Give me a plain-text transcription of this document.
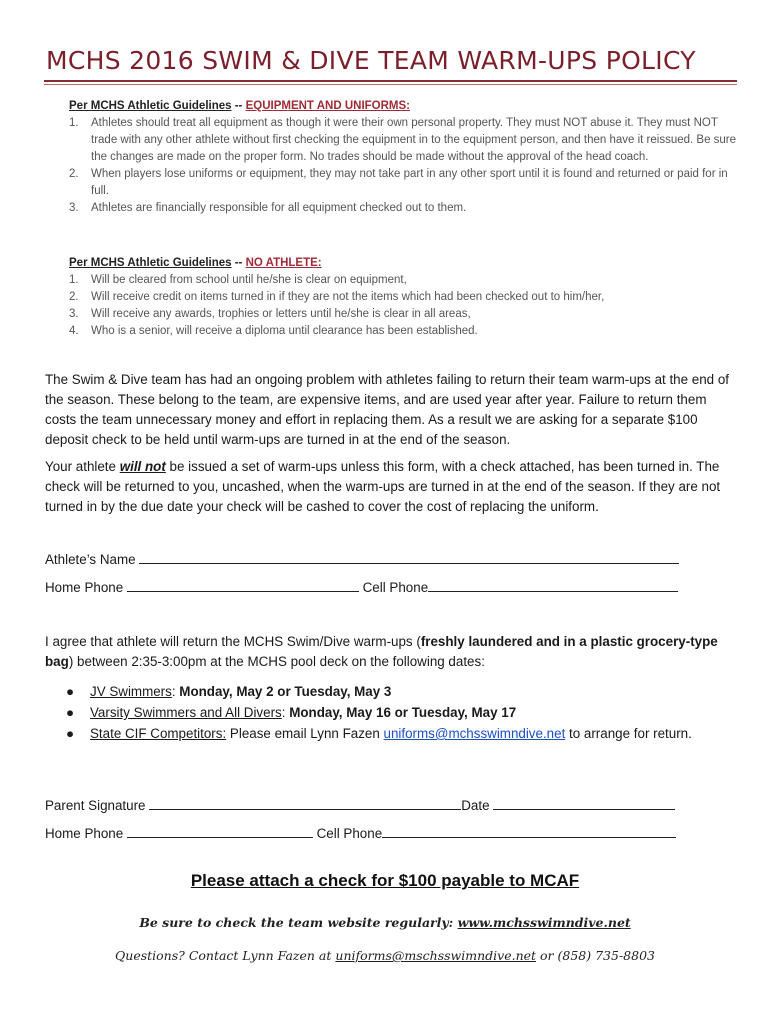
MCHS 2016 SWIM & DIVE TEAM WARM-UPS POLICY
Per MCHS Athletic Guidelines -- EQUIPMENT AND UNIFORMS:
1. Athletes should treat all equipment as though it were their own personal property. They must NOT abuse it. They must NOT trade with any other athlete without first checking the equipment in to the equipment person, and then have it reissued. Be sure the changes are made on the proper form. No trades should be made without the approval of the head coach.
2. When players lose uniforms or equipment, they may not take part in any other sport until it is found and returned or paid for in full.
3. Athletes are financially responsible for all equipment checked out to them.
Per MCHS Athletic Guidelines -- NO ATHLETE:
1. Will be cleared from school until he/she is clear on equipment,
2. Will receive credit on items turned in if they are not the items which had been checked out to him/her,
3. Will receive any awards, trophies or letters until he/she is clear in all areas,
4. Who is a senior, will receive a diploma until clearance has been established.
The Swim & Dive team has had an ongoing problem with athletes failing to return their team warm-ups at the end of the season. These belong to the team, are expensive items, and are used year after year. Failure to return them costs the team unnecessary money and effort in replacing them. As a result we are asking for a separate $100 deposit check to be held until warm-ups are turned in at the end of the season.
Your athlete will not be issued a set of warm-ups unless this form, with a check attached, has been turned in. The check will be returned to you, uncashed, when the warm-ups are turned in at the end of the season. If they are not turned in by the due date your check will be cashed to cover the cost of replacing the uniform.
Athlete’s Name
Home Phone	Cell Phone
I agree that athlete will return the MCHS Swim/Dive warm-ups (freshly laundered and in a plastic grocery-type bag) between 2:35-3:00pm at the MCHS pool deck on the following dates:
● JV Swimmers: Monday, May 2 or Tuesday, May 3
● Varsity Swimmers and All Divers: Monday, May 16 or Tuesday, May 17
● State CIF Competitors: Please email Lynn Fazen uniforms@mchsswimndive.net to arrange for return.
Parent Signature	Date
Home Phone	Cell Phone
Please attach a check for $100 payable to MCAF
Be sure to check the team website regularly: www.mchsswimndive.net
Questions? Contact Lynn Fazen at uniforms@mschsswimndive.net or (858) 735-8803
